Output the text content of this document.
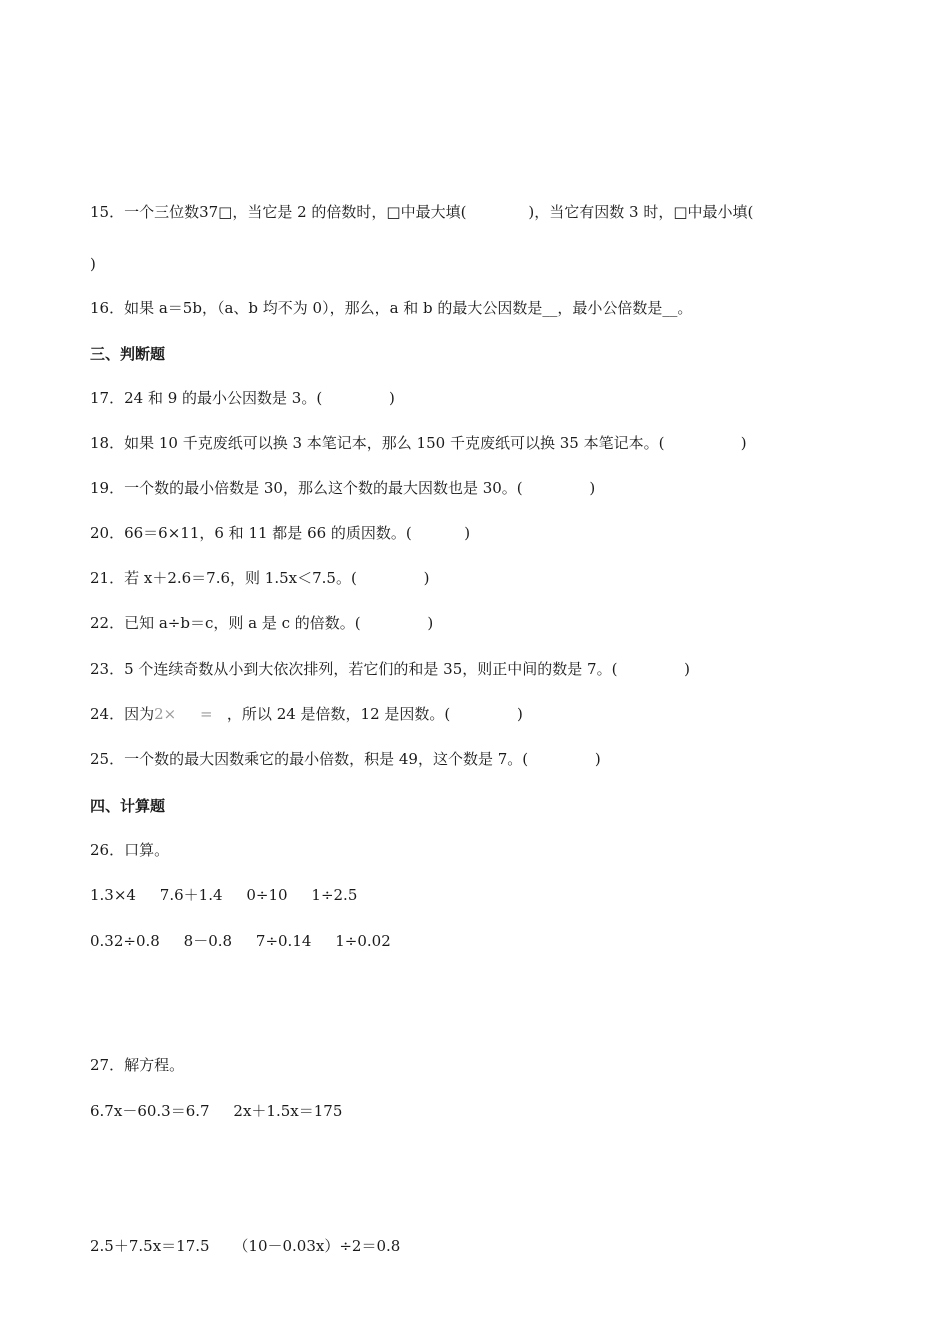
15．一个三位数37□，当它是 2 的倍数时，□中最大填(             )，当它有因数 3 时，□中最小填(
)
16．如果 a＝5b，（a、b 均不为 0），那么，a 和 b 的最大公因数是__，最小公倍数是__。
三、判断题
17．24 和 9 的最小公因数是 3。(              )
18．如果 10 千克废纸可以换 3 本笔记本，那么 150 千克废纸可以换 35 本笔记本。(                )
19．一个数的最小倍数是 30，那么这个数的最大因数也是 30。(              )
20．66＝6×11，6 和 11 都是 66 的质因数。(           )
21．若 x＋2.6＝7.6，则 1.5x＜7.5。(              )
22．已知 a÷b＝c，则 a 是 c 的倍数。(              )
23．5 个连续奇数从小到大依次排列，若它们的和是 35，则正中间的数是 7。(              )
24．因为2×     =   ，所以 24 是倍数，12 是因数。(              )
25．一个数的最大因数乘它的最小倍数，积是 49，这个数是 7。(              )
四、计算题
26．口算。
1.3×4     7.6＋1.4     0÷10     1÷2.5
0.32÷0.8     8－0.8     7÷0.14     1÷0.02
27．解方程。
6.7x－60.3＝6.7     2x＋1.5x＝175
2.5＋7.5x＝17.5     （10－0.03x）÷2＝0.8
